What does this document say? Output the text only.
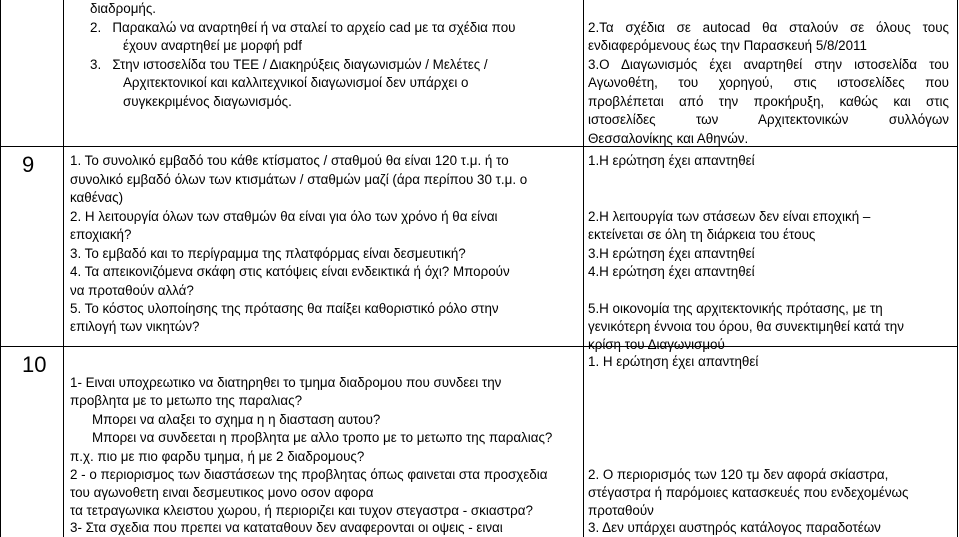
9
10
διαδρομής.
2.   Παρακαλώ να αναρτηθεί ή να σταλεί το αρχείο cad με τα σχέδια που
έχουν αναρτηθεί με μορφή pdf
3.   Στην ιστοσελίδα του ΤΕΕ / Διακηρύξεις διαγωνισμών / Μελέτες /
Αρχιτεκτονικοί και καλλιτεχνικοί διαγωνισμοί δεν υπάρχει ο
συγκεκριμένος διαγωνισμός.
2.Τα σχέδια σε autocad θα σταλούν σε όλους τους
ενδιαφερόμενους έως την Παρασκευή 5/8/2011
3.Ο Διαγωνισμός έχει αναρτηθεί στην ιστοσελίδα του
Αγωνοθέτη, του χορηγού, στις ιστοσελίδες που
προβλέπεται από την προκήρυξη, καθώς και στις
ιστοσελίδες των Αρχιτεκτονικών συλλόγων
Θεσσαλονίκης και Αθηνών.
1. Το συνολικό εμβαδό του κάθε κτίσματος / σταθμού θα είναι 120 τ.μ. ή το
συνολικό εμβαδό όλων των κτισμάτων / σταθμών μαζί (άρα περίπου 30 τ.μ. ο
καθένας)
2. Η λειτουργία όλων των σταθμών θα είναι για όλο των χρόνο ή θα είναι
εποχιακή?
3. Το εμβαδό και το περίγραμμα της πλατφόρμας είναι δεσμευτική?
4. Τα απεικονιζόμενα σκάφη στις κατόψεις είναι ενδεικτικά ή όχι? Μπορούν
να προταθούν αλλά?
5. Το κόστος υλοποίησης της πρότασης θα παίξει καθοριστικό ρόλο στην
επιλογή των νικητών?
1.Η ερώτηση έχει απαντηθεί
2.Η λειτουργία των στάσεων δεν είναι εποχική –
εκτείνεται σε όλη τη διάρκεια του έτους
3.Η ερώτηση έχει απαντηθεί
4.Η ερώτηση έχει απαντηθεί
5.Η οικονομία της αρχιτεκτονικής πρότασης, με τη
γενικότερη έννοια του όρου, θα συνεκτιμηθεί κατά την
κρίση του Διαγωνισμού
1- Ειναι υποχρεωτικο να διατηρηθει το τμημα διαδρομου που συνδεει την
προβλητα με το μετωπο της παραλιας?
Μπορει να αλαξει το σχημα η η διασταση αυτου?
Μπορει να συνδεεται η προβλητα με αλλο τροπο με το μετωπο της παραλιας?
π.χ. πιο με πιο φαρδυ τμημα, ή με 2 διαδρομους?
2 - ο περιορισμος των διαστάσεων της προβλητας όπως φαινεται στα προσχεδια
του αγωνοθετη ειναι δεσμευτικος μονο οσον αφορα
τα τετραγωνικα κλειστου χωρου, ή περιοριζει και τυχον στεγαστρα - σκιαστρα?
3- Στα σχεδια που πρεπει να καταταθουν δεν αναφερονται οι οψεις - ειναι
1. Η ερώτηση έχει απαντηθεί
2. Ο περιορισμός των 120 τμ δεν αφορά σκίαστρα,
στέγαστρα ή παρόμοιες κατασκευές που ενδεχομένως
προταθούν
3. Δεν υπάρχει αυστηρός κατάλογος παραδοτέων
